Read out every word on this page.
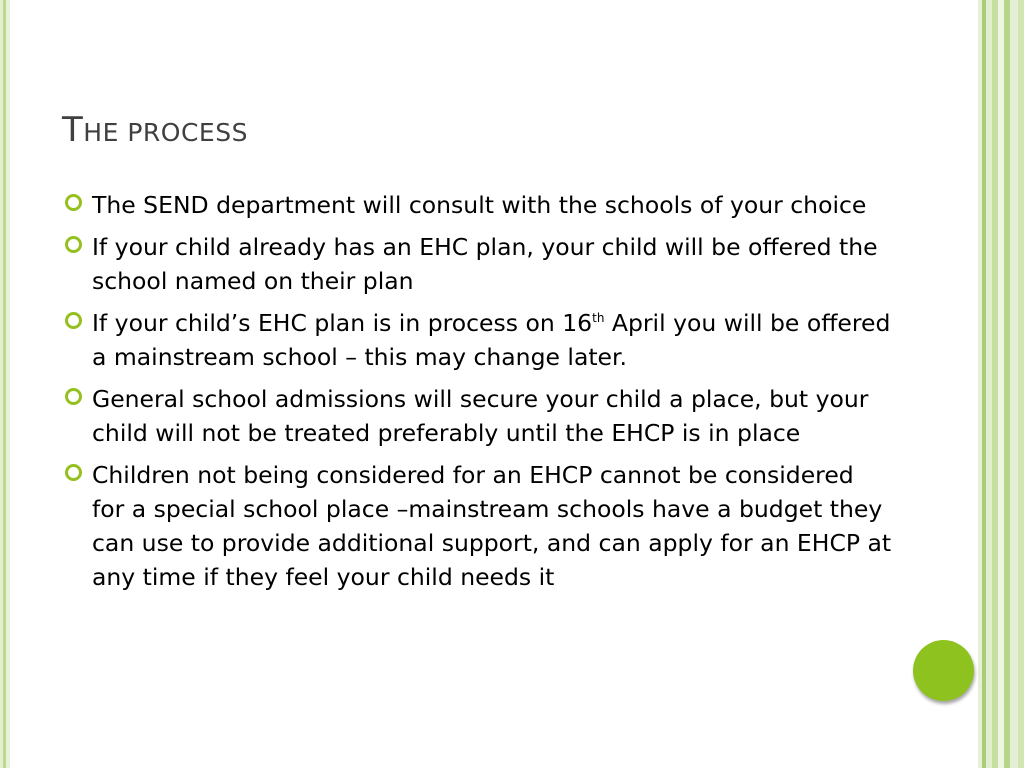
THE PROCESS
The SEND department will consult with the schools of your choice
If your child already has an EHC plan, your child will be offered the school named on their plan
If your child’s EHC plan is in process on 16th April you will be offered a mainstream school – this may change later.
General school admissions will secure your child a place, but your child will not be treated preferably until the EHCP is in place
Children not being considered for an EHCP cannot be considered for a special school place –mainstream schools have a budget they can use to provide additional support, and can apply for an EHCP at any time if they feel your child needs it
